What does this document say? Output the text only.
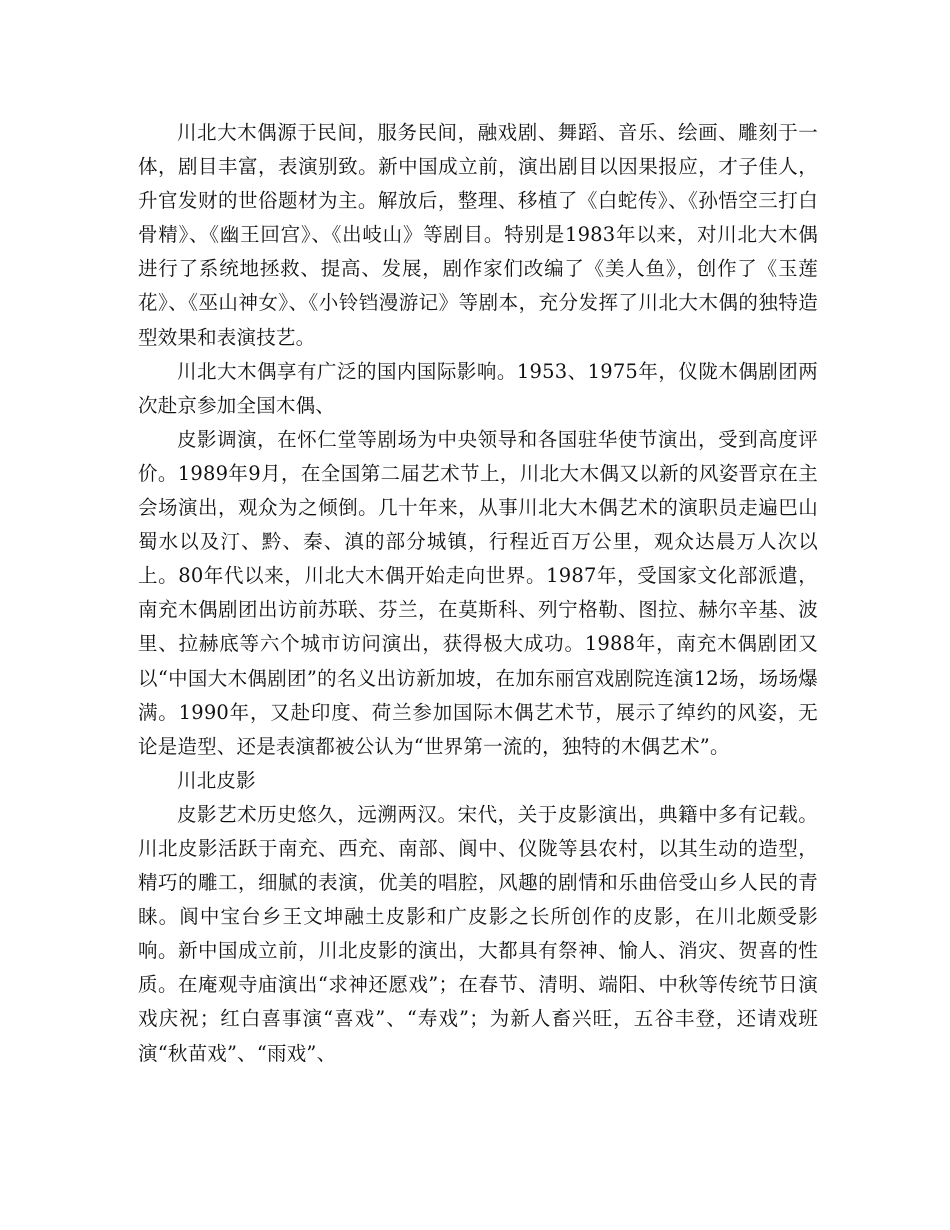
川北大木偶源于民间，服务民间，融戏剧、舞蹈、音乐、绘画、雕刻于一体，剧目丰富，表演别致。新中国成立前，演出剧目以因果报应，才子佳人，升官发财的世俗题材为主。解放后，整理、移植了《白蛇传》、《孙悟空三打白骨精》、《幽王回宫》、《出岐山》等剧目。特别是1983年以来，对川北大木偶进行了系统地拯救、提高、发展，剧作家们改编了《美人鱼》，创作了《玉莲花》、《巫山神女》、《小铃铛漫游记》等剧本，充分发挥了川北大木偶的独特造型效果和表演技艺。

川北大木偶享有广泛的国内国际影响。1953、1975年，仪陇木偶剧团两次赴京参加全国木偶、

皮影调演，在怀仁堂等剧场为中央领导和各国驻华使节演出，受到高度评价。1989年9月，在全国第二届艺术节上，川北大木偶又以新的风姿晋京在主会场演出，观众为之倾倒。几十年来，从事川北大木偶艺术的演职员走遍巴山蜀水以及汀、黔、秦、滇的部分城镇，行程近百万公里，观众达晨万人次以上。80年代以来，川北大木偶开始走向世界。1987年，受国家文化部派遣，南充木偶剧团出访前苏联、芬兰，在莫斯科、列宁格勒、图拉、赫尔辛基、波里、拉赫底等六个城市访问演出，获得极大成功。1988年，南充木偶剧团又以“中国大木偶剧团”的名义出访新加坡，在加东丽宫戏剧院连演12场，场场爆满。1990年，又赴印度、荷兰参加国际木偶艺术节，展示了绰约的风姿，无论是造型、还是表演都被公认为“世界第一流的，独特的木偶艺术”。

川北皮影

皮影艺术历史悠久，远溯两汉。宋代，关于皮影演出，典籍中多有记载。川北皮影活跃于南充、西充、南部、阆中、仪陇等县农村，以其生动的造型，精巧的雕工，细腻的表演，优美的唱腔，风趣的剧情和乐曲倍受山乡人民的青睐。阆中宝台乡王文坤融土皮影和广皮影之长所创作的皮影，在川北颇受影响。新中国成立前，川北皮影的演出，大都具有祭神、愉人、消灾、贺喜的性质。在庵观寺庙演出“求神还愿戏”；在春节、清明、端阳、中秋等传统节日演戏庆祝；红白喜事演“喜戏”、“寿戏”；为新人畜兴旺，五谷丰登，还请戏班演“秋苗戏”、“雨戏”、
